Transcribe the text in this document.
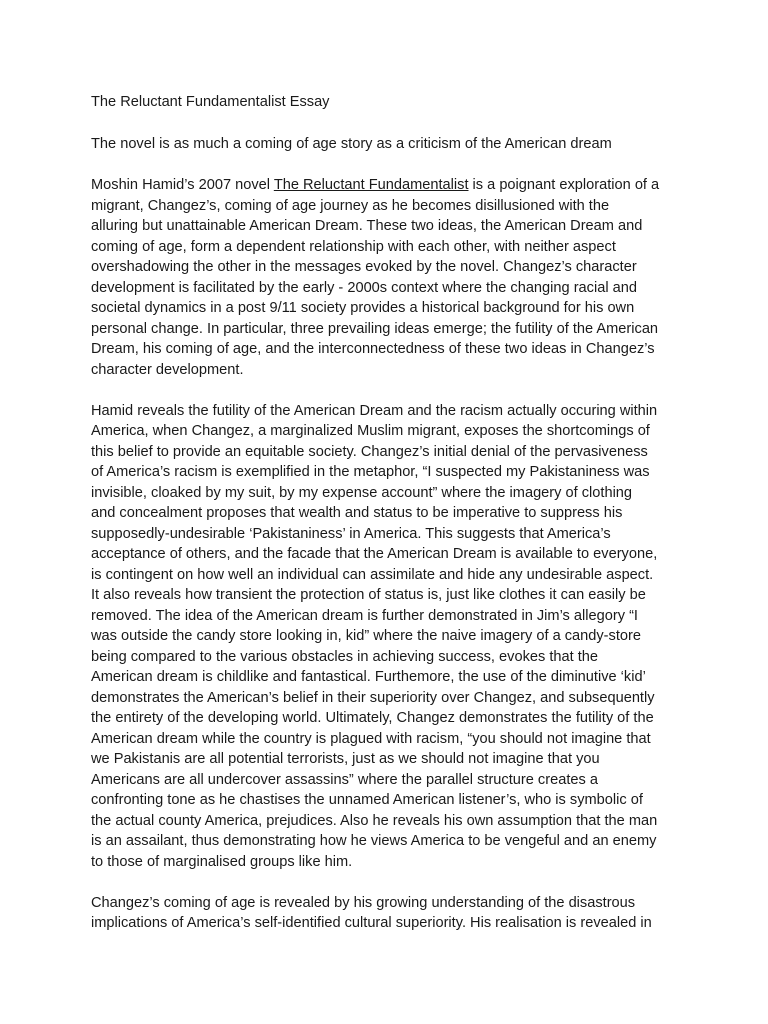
The Reluctant Fundamentalist Essay
The novel is as much a coming of age story as a criticism of the American dream
Moshin Hamid’s 2007 novel The Reluctant Fundamentalist is a poignant exploration of a
migrant, Changez’s, coming of age journey as he becomes disillusioned with the
alluring but unattainable American Dream. These two ideas, the American Dream and
coming of age, form a dependent relationship with each other, with neither aspect
overshadowing the other in the messages evoked by the novel. Changez’s character
development is facilitated by the early - 2000s context where the changing racial and
societal dynamics in a post 9/11 society provides a historical background for his own
personal change. In particular, three prevailing ideas emerge; the futility of the American
Dream, his coming of age, and the interconnectedness of these two ideas in Changez’s
character development.
Hamid reveals the futility of the American Dream and the racism actually occuring within
America, when Changez, a marginalized Muslim migrant, exposes the shortcomings of
this belief to provide an equitable society. Changez’s initial denial of the pervasiveness
of America’s racism is exemplified in the metaphor, “I suspected my Pakistaniness was
invisible, cloaked by my suit, by my expense account” where the imagery of clothing
and concealment proposes that wealth and status to be imperative to suppress his
supposedly-undesirable ‘Pakistaniness’ in America. This suggests that America’s
acceptance of others, and the facade that the American Dream is available to everyone,
is contingent on how well an individual can assimilate and hide any undesirable aspect.
It also reveals how transient the protection of status is, just like clothes it can easily be
removed. The idea of the American dream is further demonstrated in Jim’s allegory “I
was outside the candy store looking in, kid” where the naive imagery of a candy-store
being compared to the various obstacles in achieving success, evokes that the
American dream is childlike and fantastical. Furthemore, the use of the diminutive ‘kid’
demonstrates the American’s belief in their superiority over Changez, and subsequently
the entirety of the developing world. Ultimately, Changez demonstrates the futility of the
American dream while the country is plagued with racism, “you should not imagine that
we Pakistanis are all potential terrorists, just as we should not imagine that you
Americans are all undercover assassins” where the parallel structure creates a
confronting tone as he chastises the unnamed American listener’s, who is symbolic of
the actual county America, prejudices. Also he reveals his own assumption that the man
is an assailant, thus demonstrating how he views America to be vengeful and an enemy
to those of marginalised groups like him.
Changez’s coming of age is revealed by his growing understanding of the disastrous
implications of America’s self-identified cultural superiority. His realisation is revealed in
